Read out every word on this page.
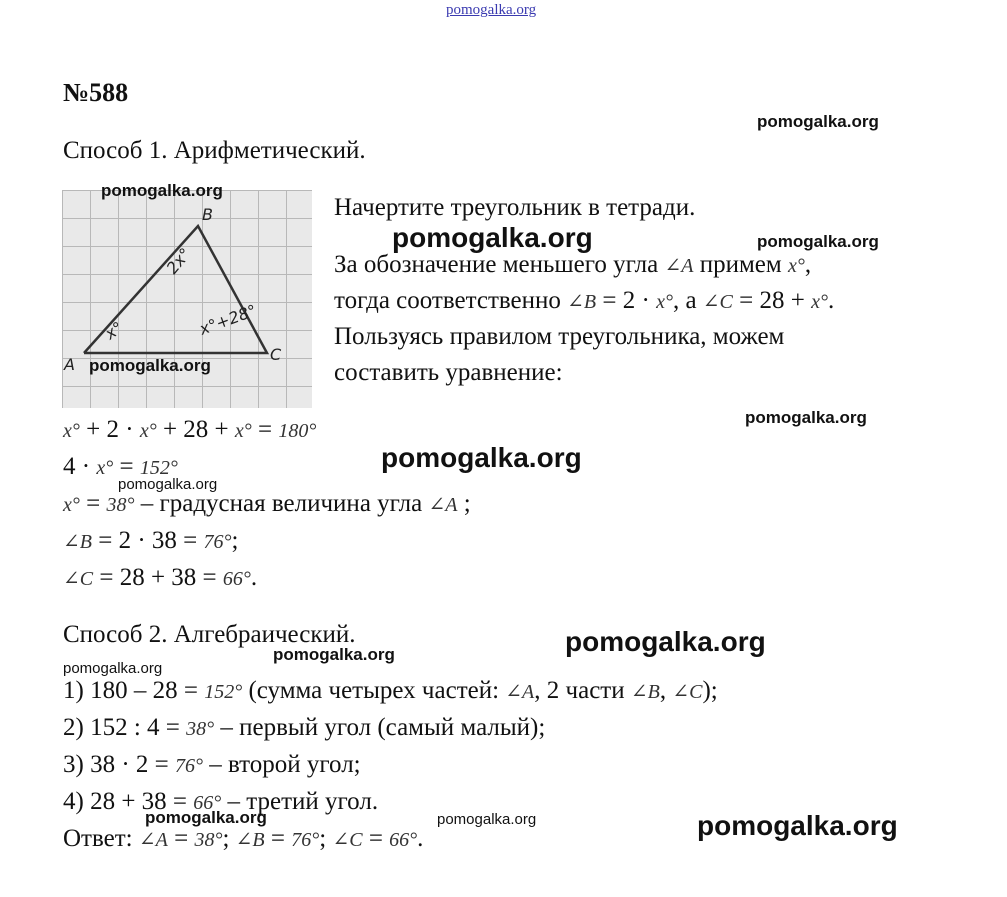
pomogalka.org
№588
Способ 1. Арифметический.
B
C
A
2x°
x°+28°
x°
Начертите треугольник в тетради.
За обозначение меньшего угла ∠A примем x°,
тогда соответственно ∠B = 2 · x°, а ∠C = 28 + x°.
Пользуясь правилом треугольника, можем
составить уравнение:
x° + 2 · x° + 28 + x° = 180°
4 · x° = 152°
x° = 38° – градусная величина угла ∠A ;
∠B = 2 · 38 = 76°;
∠C = 28 + 38 = 66°.
Способ 2. Алгебраический.
1) 180 – 28 = 152° (сумма четырех частей: ∠A, 2 части ∠B, ∠C);
2) 152 : 4 = 38° – первый угол (самый малый);
3) 38 · 2 = 76° – второй угол;
4) 28 + 38 = 66° – третий угол.
Ответ: ∠A = 38°; ∠B = 76°; ∠C = 66°.
pomogalka.org
pomogalka.org
pomogalka.org	pomogalka.org
pomogalka.org
pomogalka.org
pomogalka.org
pomogalka.org
pomogalka.org
pomogalka.org
pomogalka.org
pomogalka.org	pomogalka.org	pomogalka.org
